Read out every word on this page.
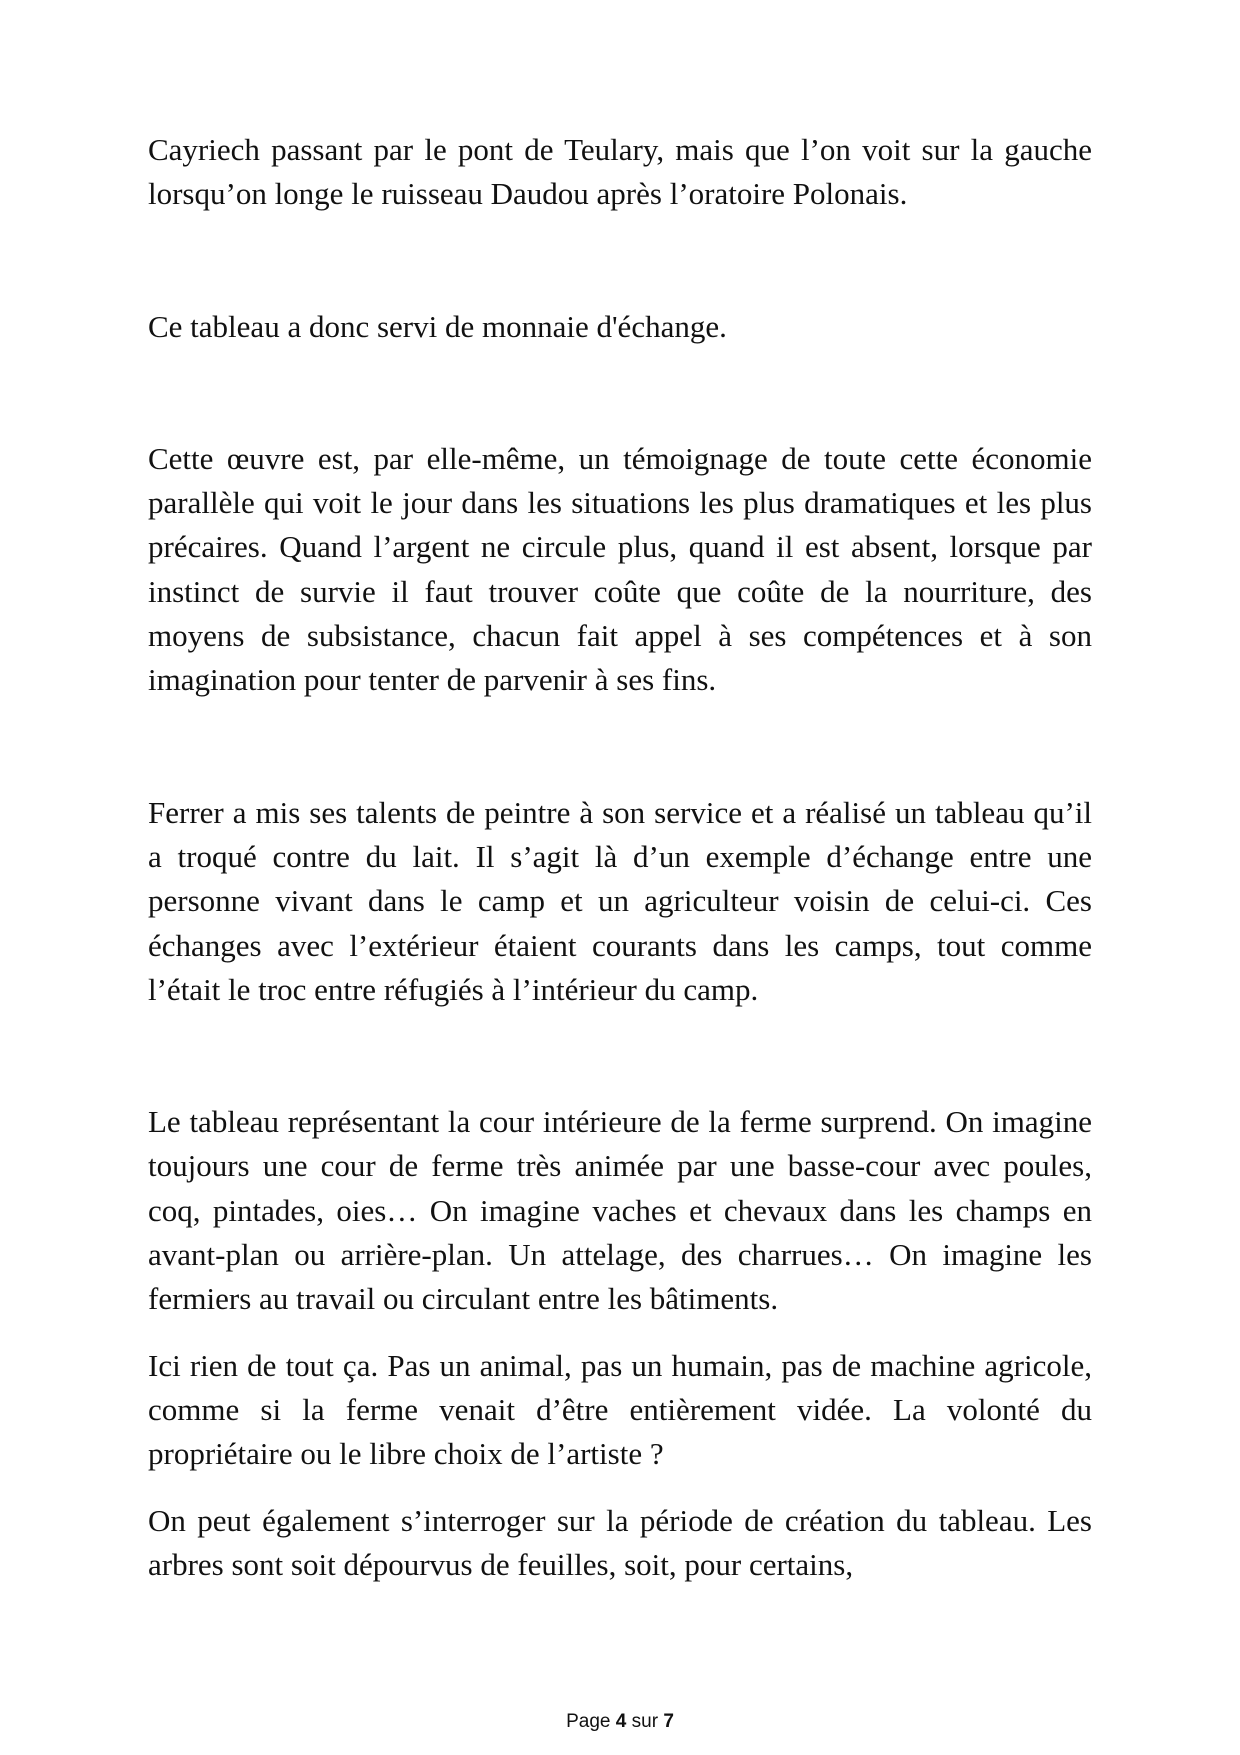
Cayriech passant par le pont de Teulary, mais que l’on voit sur la gauche lorsqu’on longe le ruisseau Daudou après l’oratoire Polonais.

Ce tableau a donc servi de monnaie d'échange.

Cette œuvre est, par elle-même, un témoignage de toute cette économie parallèle qui voit le jour dans les situations les plus dramatiques et les plus précaires. Quand l’argent ne circule plus, quand il est absent, lorsque par instinct de survie il faut trouver coûte que coûte de la nourriture, des moyens de subsistance, chacun fait appel à ses compétences et à son imagination pour tenter de parvenir à ses fins.

Ferrer a mis ses talents de peintre à son service et a réalisé un tableau qu’il a troqué contre du lait. Il s’agit là d’un exemple d’échange entre une personne vivant dans le camp et un agriculteur voisin de celui-ci. Ces échanges avec l’extérieur étaient courants dans les camps, tout comme l’était le troc entre réfugiés à l’intérieur du camp.

Le tableau représentant la cour intérieure de la ferme surprend. On imagine toujours une cour de ferme très animée par une basse-cour avec poules, coq, pintades, oies… On imagine vaches et chevaux dans les champs en avant-plan ou arrière-plan. Un attelage, des charrues… On imagine les fermiers au travail ou circulant entre les bâtiments.

Ici rien de tout ça. Pas un animal, pas un humain, pas de machine agricole, comme si la ferme venait d’être entièrement vidée. La volonté du propriétaire ou le libre choix de l’artiste ?

On peut également s’interroger sur la période de création du tableau. Les arbres sont soit dépourvus de feuilles, soit, pour certains,

Page 4 sur 7
